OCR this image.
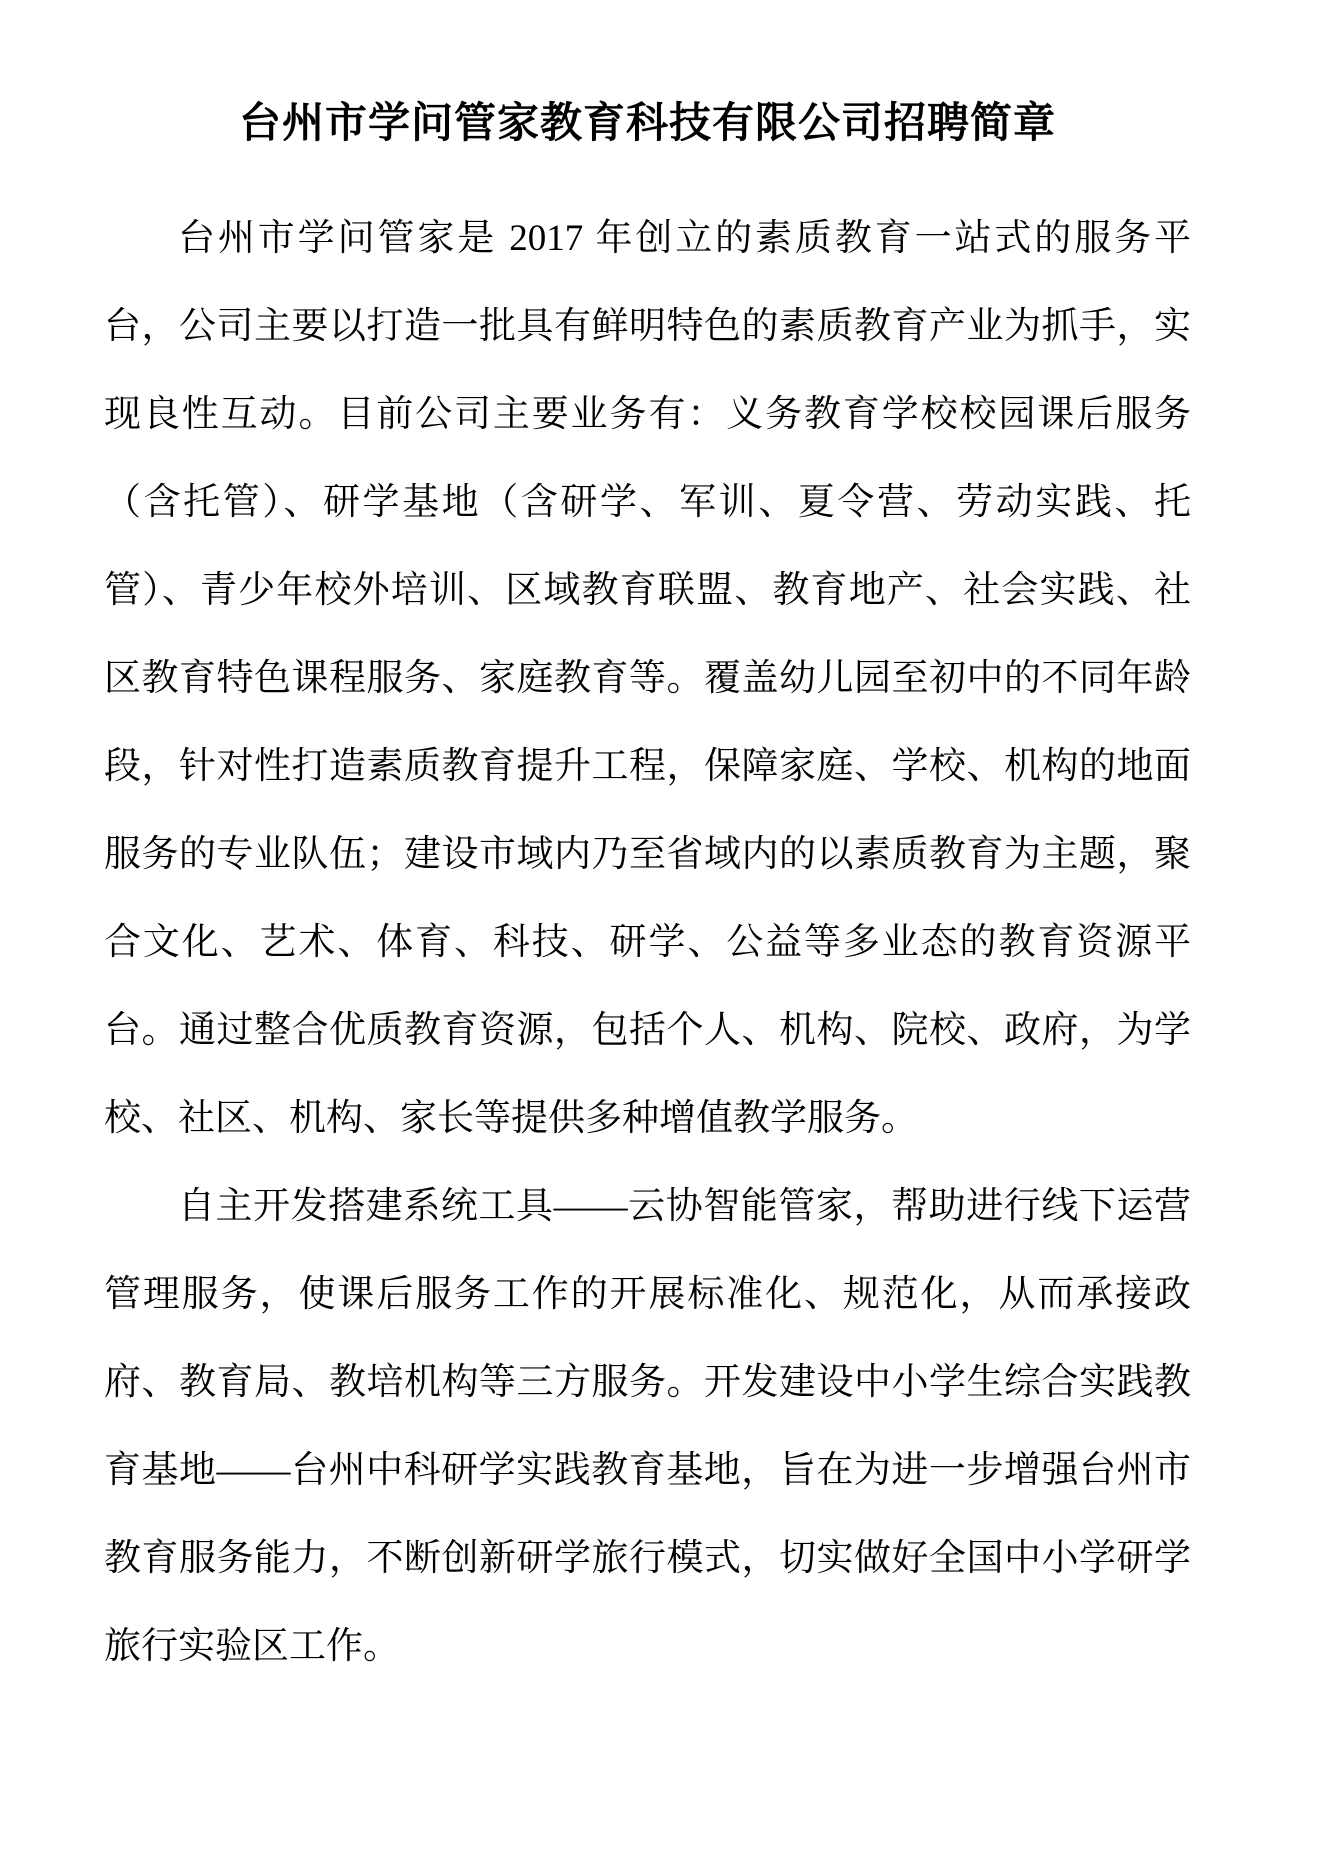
台州市学问管家教育科技有限公司招聘简章

台州市学问管家是 2017 年创立的素质教育一站式的服务平台，公司主要以打造一批具有鲜明特色的素质教育产业为抓手，实现良性互动。目前公司主要业务有：义务教育学校校园课后服务（含托管）、研学基地（含研学、军训、夏令营、劳动实践、托管）、青少年校外培训、区域教育联盟、教育地产、社会实践、社区教育特色课程服务、家庭教育等。覆盖幼儿园至初中的不同年龄段，针对性打造素质教育提升工程，保障家庭、学校、机构的地面服务的专业队伍；建设市域内乃至省域内的以素质教育为主题，聚合文化、艺术、体育、科技、研学、公益等多业态的教育资源平台。通过整合优质教育资源，包括个人、机构、院校、政府，为学校、社区、机构、家长等提供多种增值教学服务。

自主开发搭建系统工具——云协智能管家，帮助进行线下运营管理服务，使课后服务工作的开展标准化、规范化，从而承接政府、教育局、教培机构等三方服务。开发建设中小学生综合实践教育基地——台州中科研学实践教育基地，旨在为进一步增强台州市教育服务能力，不断创新研学旅行模式，切实做好全国中小学研学旅行实验区工作。
